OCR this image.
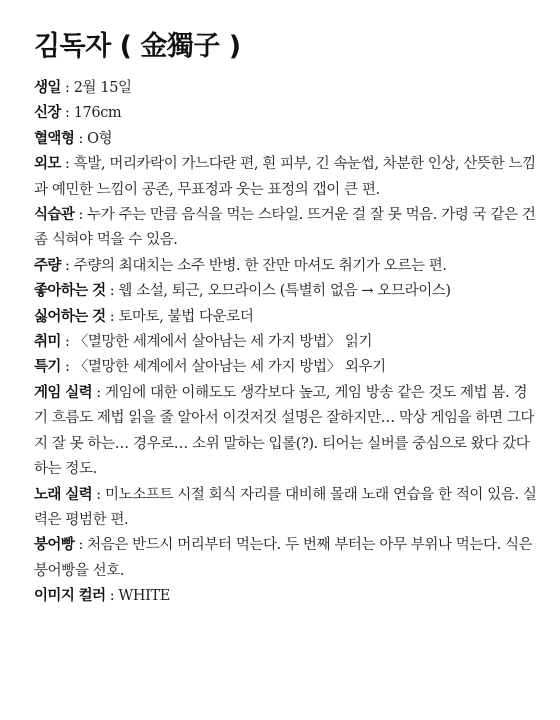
김독자 ( 金獨子 )

생일 : 2월 15일

신장 : 176cm

혈액형 : O형

외모 : 흑발, 머리카락이 가느다란 편, 흰 피부, 긴 속눈썹, 차분한 인상, 산뜻한 느낌과 예민한 느낌이 공존, 무표정과 웃는 표정의 갭이 큰 편.

식습관 : 누가 주는 만큼 음식을 먹는 스타일. 뜨거운 걸 잘 못 먹음. 가령 국 같은 건 좀 식혀야 먹을 수 있음.

주량 : 주량의 최대치는 소주 반병. 한 잔만 마셔도 취기가 오르는 편.

좋아하는 것 : 웹 소설, 퇴근, 오므라이스 (특별히 없음 → 오므라이스)

싫어하는 것 : 토마토, 불법 다운로더

취미 : 〈멸망한 세계에서 살아남는 세 가지 방법〉 읽기

특기 : 〈멸망한 세계에서 살아남는 세 가지 방법〉 외우기

게임 실력 : 게임에 대한 이해도도 생각보다 높고, 게임 방송 같은 것도 제법 봄. 경기 흐름도 제법 읽을 줄 알아서 이것저것 설명은 잘하지만… 막상 게임을 하면 그다지 잘 못 하는… 경우로… 소위 말하는 입롤(?). 티어는 실버를 중심으로 왔다 갔다 하는 정도.

노래 실력 : 미노소프트 시절 회식 자리를 대비해 몰래 노래 연습을 한 적이 있음. 실력은 평범한 편.

붕어빵 : 처음은 반드시 머리부터 먹는다. 두 번째 부터는 아무 부위나 먹는다. 식은 붕어빵을 선호.

이미지 컬러 : WHITE
